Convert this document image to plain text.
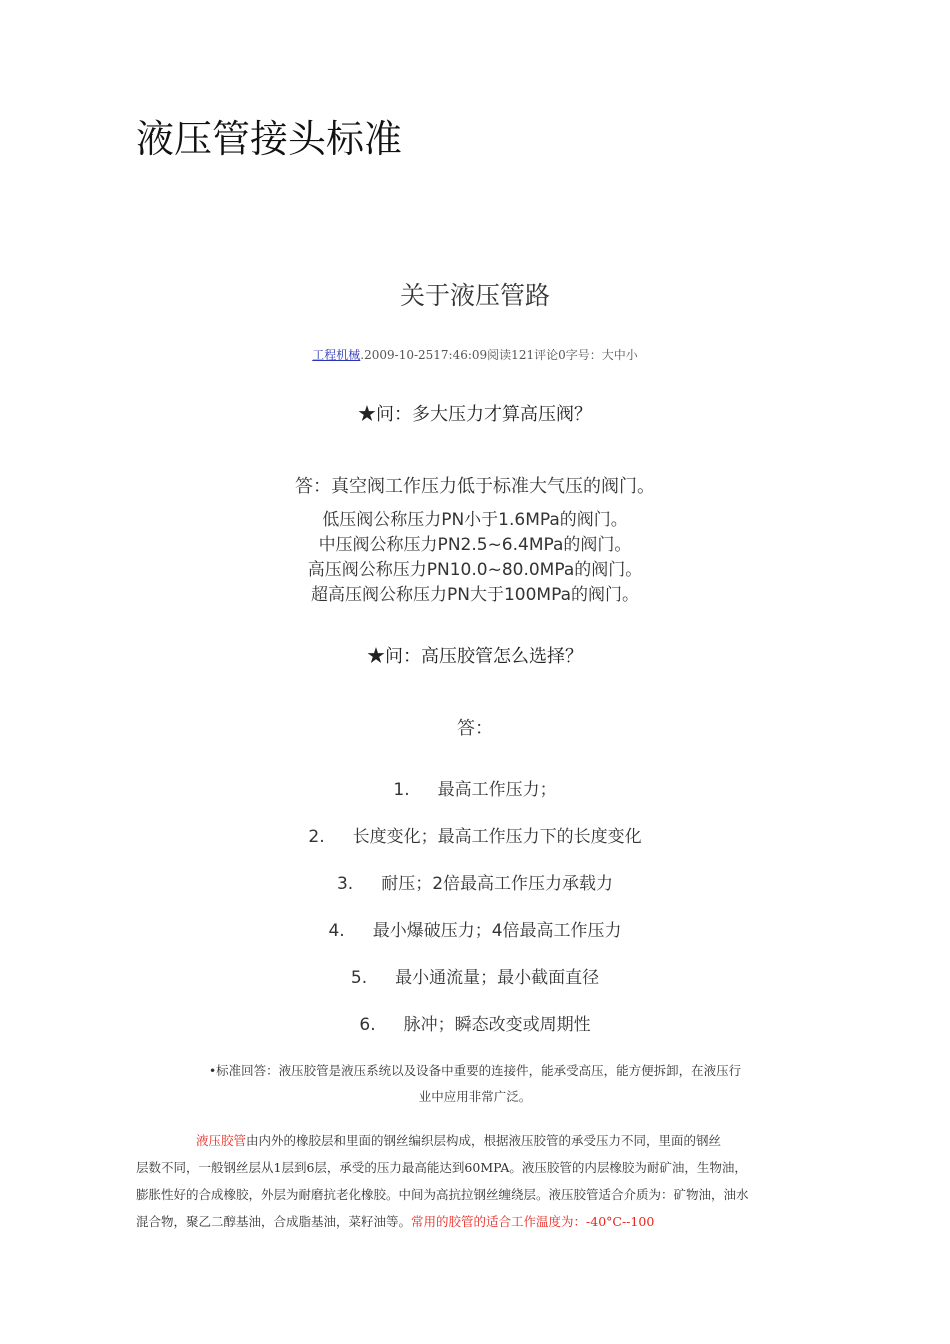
液压管接头标准
关于液压管路
工程机械.2009-10-2517:46:09阅读121评论0字号：大中小
★问：多大压力才算高压阀？
答：真空阀工作压力低于标准大气压的阀门。
低压阀公称压力PN小于1.6MPa的阀门。
中压阀公称压力PN2.5~6.4MPa的阀门。
高压阀公称压力PN10.0~80.0MPa的阀门。
超高压阀公称压力PN大于100MPa的阀门。
★问：高压胶管怎么选择？
答：
1. 最高工作压力；
2. 长度变化；最高工作压力下的长度变化
3. 耐压；2倍最高工作压力承载力
4. 最小爆破压力；4倍最高工作压力
5. 最小通流量；最小截面直径
6. 脉冲；瞬态改变或周期性
•标准回答：液压胶管是液压系统以及设备中重要的连接件，能承受高压，能方便拆卸，在液压行
业中应用非常广泛。
液压胶管由内外的橡胶层和里面的钢丝编织层构成，根据液压胶管的承受压力不同，里面的钢丝
层数不同，一般钢丝层从1层到6层，承受的压力最高能达到60MPA。液压胶管的内层橡胶为耐矿油，生物油，
膨胀性好的合成橡胶，外层为耐磨抗老化橡胶。中间为高抗拉钢丝缠绕层。液压胶管适合介质为：矿物油，油水
混合物，聚乙二醇基油，合成脂基油，菜籽油等。常用的胶管的适合工作温度为：-40°C--100
